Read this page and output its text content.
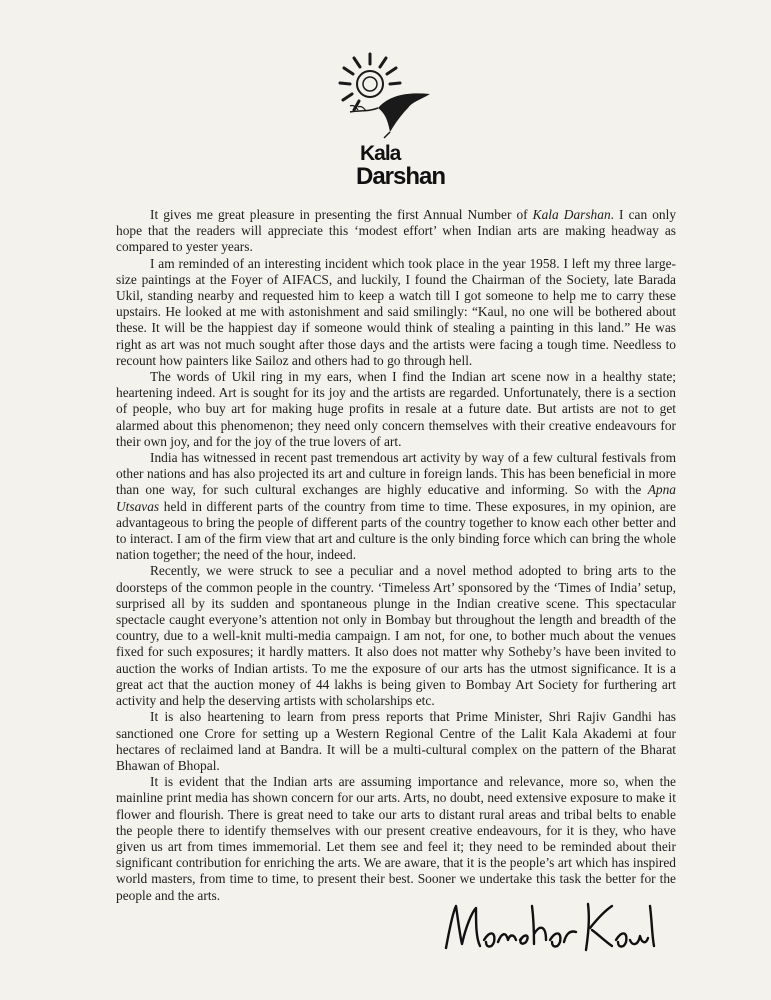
Kala
Darshan

It gives me great pleasure in presenting the first Annual Number of Kala Darshan. I can only hope that the readers will appreciate this ‘modest effort’ when Indian arts are making headway as compared to yester years.

I am reminded of an interesting incident which took place in the year 1958. I left my three large-size paintings at the Foyer of AIFACS, and luckily, I found the Chairman of the Society, late Barada Ukil, standing nearby and requested him to keep a watch till I got someone to help me to carry these upstairs. He looked at me with astonishment and said smilingly: “Kaul, no one will be bothered about these. It will be the happiest day if someone would think of stealing a painting in this land.” He was right as art was not much sought after those days and the artists were facing a tough time. Needless to recount how painters like Sailoz and others had to go through hell.

The words of Ukil ring in my ears, when I find the Indian art scene now in a healthy state; heartening indeed. Art is sought for its joy and the artists are regarded. Unfortunately, there is a section of people, who buy art for making huge profits in resale at a future date. But artists are not to get alarmed about this phenomenon; they need only concern themselves with their creative endeavours for their own joy, and for the joy of the true lovers of art.

India has witnessed in recent past tremendous art activity by way of a few cultural festivals from other nations and has also projected its art and culture in foreign lands. This has been beneficial in more than one way, for such cultural exchanges are highly educative and informing. So with the Apna Utsavas held in different parts of the country from time to time. These exposures, in my opinion, are advantageous to bring the people of different parts of the country together to know each other better and to interact. I am of the firm view that art and culture is the only binding force which can bring the whole nation together; the need of the hour, indeed.

Recently, we were struck to see a peculiar and a novel method adopted to bring arts to the doorsteps of the common people in the country. ‘Timeless Art’ sponsored by the ‘Times of India’ setup, surprised all by its sudden and spontaneous plunge in the Indian creative scene. This spectacular spectacle caught everyone’s attention not only in Bombay but throughout the length and breadth of the country, due to a well-knit multi-media campaign. I am not, for one, to bother much about the venues fixed for such exposures; it hardly matters. It also does not matter why Sotheby’s have been invited to auction the works of Indian artists. To me the exposure of our arts has the utmost significance. It is a great act that the auction money of 44 lakhs is being given to Bombay Art Society for furthering art activity and help the deserving artists with scholarships etc.

It is also heartening to learn from press reports that Prime Minister, Shri Rajiv Gandhi has sanctioned one Crore for setting up a Western Regional Centre of the Lalit Kala Akademi at four hectares of reclaimed land at Bandra. It will be a multi-cultural complex on the pattern of the Bharat Bhawan of Bhopal.

It is evident that the Indian arts are assuming importance and relevance, more so, when the mainline print media has shown concern for our arts. Arts, no doubt, need extensive exposure to make it flower and flourish. There is great need to take our arts to distant rural areas and tribal belts to enable the people there to identify themselves with our present creative endeavours, for it is they, who have given us art from times immemorial. Let them see and feel it; they need to be reminded about their significant contribution for enriching the arts. We are aware, that it is the people’s art which has inspired world masters, from time to time, to present their best. Sooner we undertake this task the better for the people and the arts.
